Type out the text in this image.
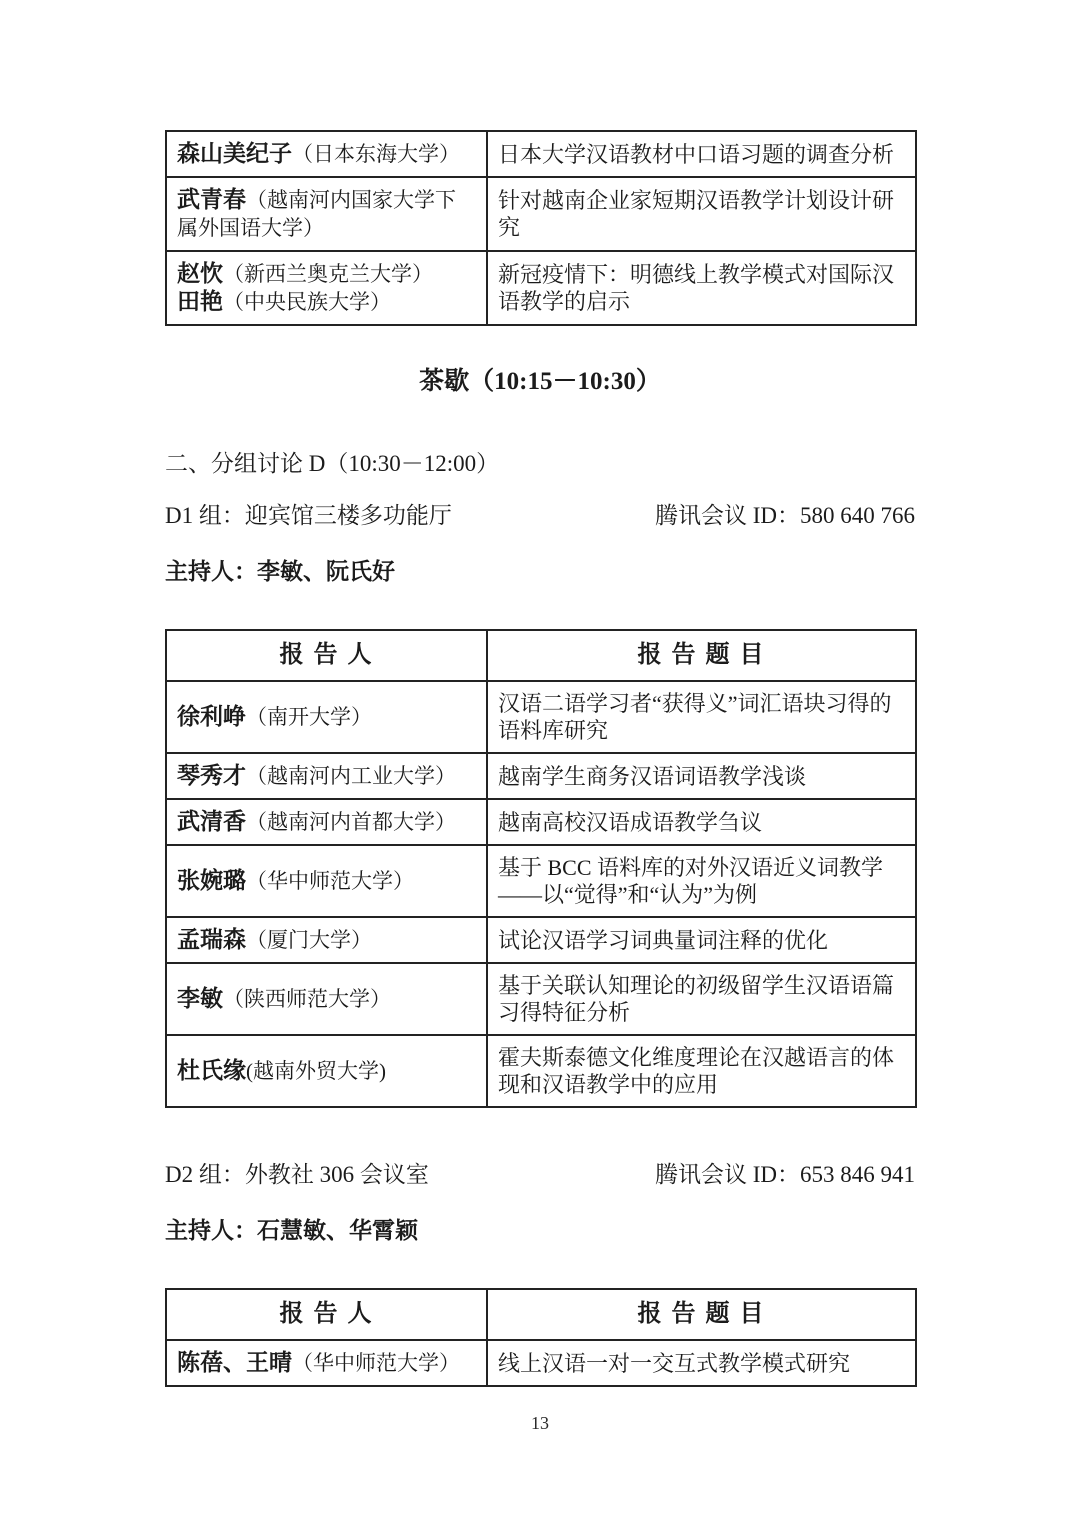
森山美纪子（日本东海大学）	日本大学汉语教材中口语习题的调查分析

武青春（越南河内国家大学下属外国语大学）	针对越南企业家短期汉语教学计划设计研究

赵忺（新西兰奥克兰大学）
田艳（中央民族大学）	新冠疫情下：明德线上教学模式对国际汉语教学的启示
茶歇（10:15－10:30）
二、分组讨论 D（10:30－12:00）
D1 组：迎宾馆三楼多功能厅	腾讯会议 ID：580 640 766
主持人：李敏、阮氏好
报 告 人	报 告 题 目

徐利峥（南开大学）	汉语二语学习者“获得义”词汇语块习得的语料库研究

琴秀才（越南河内工业大学）	越南学生商务汉语词语教学浅谈

武清香（越南河内首都大学）	越南高校汉语成语教学刍议

张婉璐（华中师范大学）	基于 BCC 语料库的对外汉语近义词教学——以“觉得”和“认为”为例

孟瑞森（厦门大学）	试论汉语学习词典量词注释的优化

李敏（陕西师范大学）	基于关联认知理论的初级留学生汉语语篇习得特征分析

杜氏缘(越南外贸大学)	霍夫斯泰德文化维度理论在汉越语言的体现和汉语教学中的应用
D2 组：外教社 306 会议室	腾讯会议 ID：653 846 941
主持人：石慧敏、华霄颖
报 告 人	报 告 题 目

陈蓓、王晴（华中师范大学）	线上汉语一对一交互式教学模式研究
13
